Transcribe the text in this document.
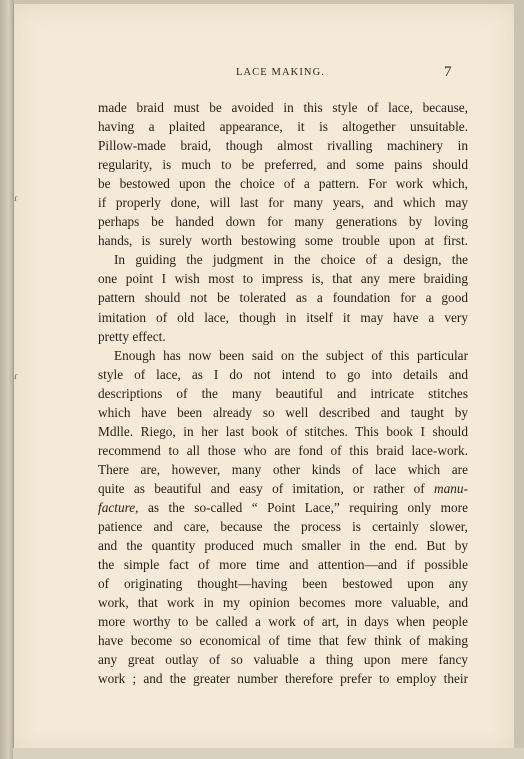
LACE MAKING.	7
ɾ
ɾ
made braid must be avoided in this style of lace, because,
having a plaited appearance, it is altogether unsuitable.
Pillow-made braid, though almost rivalling machinery in
regularity, is much to be preferred, and some pains should
be bestowed upon the choice of a pattern. For work which,
if properly done, will last for many years, and which may
perhaps be handed down for many generations by loving
hands, is surely worth bestowing some trouble upon at first.
In guiding the judgment in the choice of a design, the
one point I wish most to impress is, that any mere braiding
pattern should not be tolerated as a foundation for a good
imitation of old lace, though in itself it may have a very
pretty effect.
Enough has now been said on the subject of this particular
style of lace, as I do not intend to go into details and
descriptions of the many beautiful and intricate stitches
which have been already so well described and taught by
Mdlle. Riego, in her last book of stitches. This book I should
recommend to all those who are fond of this braid lace-work.
There are, however, many other kinds of lace which are
quite as beautiful and easy of imitation, or rather of manu-
facture, as the so-called “ Point Lace,” requiring only more
patience and care, because the process is certainly slower,
and the quantity produced much smaller in the end. But by
the simple fact of more time and attention—and if possible
of originating thought—having been bestowed upon any
work, that work in my opinion becomes more valuable, and
more worthy to be called a work of art, in days when people
have become so economical of time that few think of making
any great outlay of so valuable a thing upon mere fancy
work ; and the greater number therefore prefer to employ their
